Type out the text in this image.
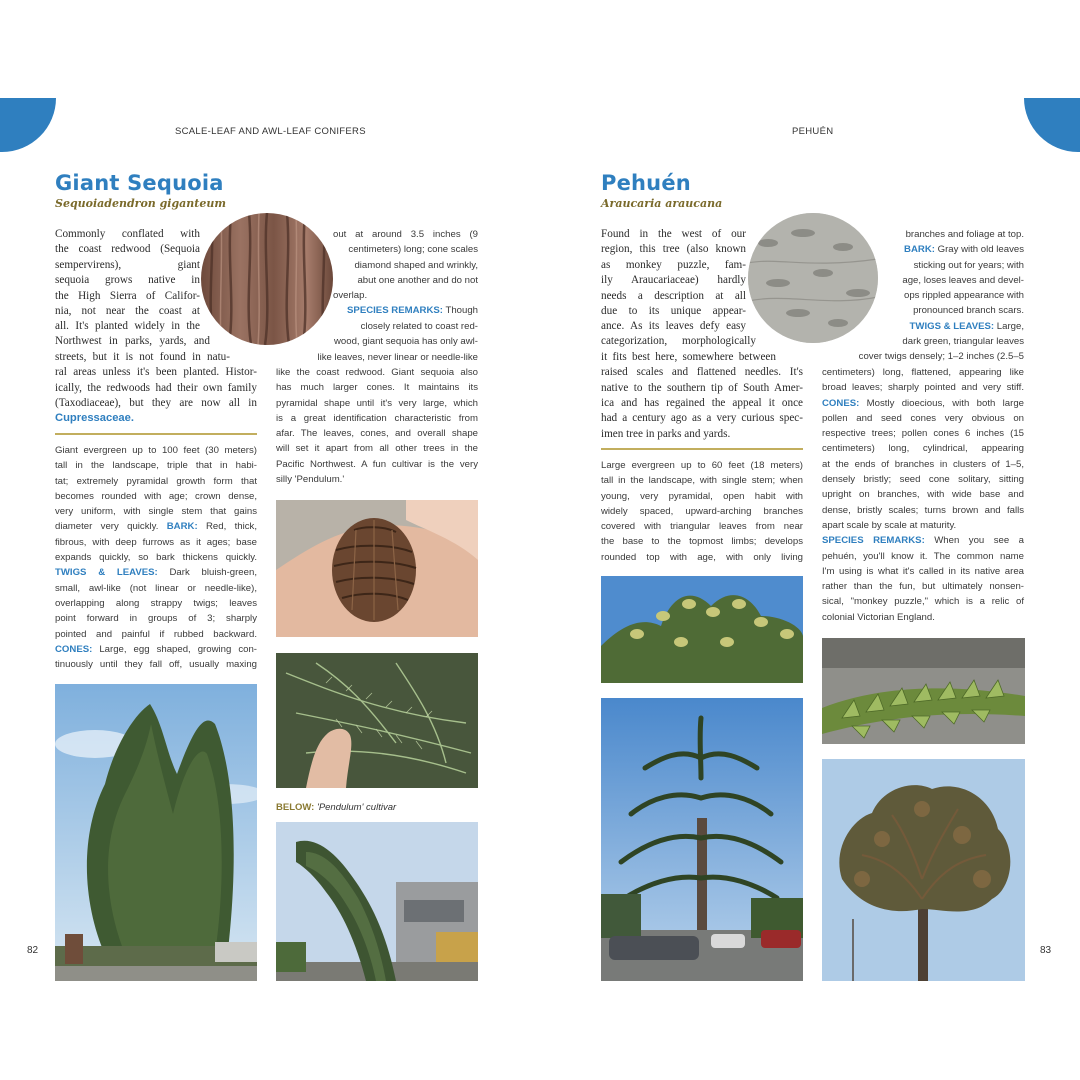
SCALE-LEAF AND AWL-LEAF CONIFERS	PEHUÉN
82	83
Giant Sequoia
Sequoiadendron giganteum

Commonly conflated with

the coast redwood (Sequoia

sempervirens), giant

sequoia grows native in

the High Sierra of Califor-

nia, not near the coast at

all. It's planted widely in the

Northwest in parks, yards, and

streets, but it is not found in natu-

ral areas unless it's been planted. Histor-

ically, the redwoods had their own family

(Taxodiaceae), but they are now all in

Cupressaceae.

Giant evergreen up to 100 feet (30 meters)

tall in the landscape, triple that in habi-

tat; extremely pyramidal growth form that

becomes rounded with age; crown dense,

very uniform, with single stem that gains

diameter very quickly. BARK: Red, thick,

fibrous, with deep furrows as it ages; base

expands quickly, so bark thickens quickly.

TWIGS & LEAVES: Dark bluish-green,

small, awl-like (not linear or needle-like),

overlapping along strappy twigs; leaves

point forward in groups of 3; sharply

pointed and painful if rubbed backward.

CONES: Large, egg shaped, growing con-

tinuously until they fall off, usually maxing

out at around 3.5 inches (9

centimeters) long; cone scales

diamond shaped and wrinkly,

abut one another and do not

overlap.

SPECIES REMARKS: Though

closely related to coast red-

wood, giant sequoia has only awl-

like leaves, never linear or needle-like

like the coast redwood. Giant sequoia also

has much larger cones. It maintains its

pyramidal shape until it's very large, which

is a great identification characteristic from

afar. The leaves, cones, and overall shape

will set it apart from all other trees in the

Pacific Northwest. A fun cultivar is the very

silly 'Pendulum.'

BELOW: 'Pendulum' cultivar
Pehuén
Araucaria araucana

Found in the west of our

region, this tree (also known

as monkey puzzle, fam-

ily Araucariaceae) hardly

needs a description at all

due to its unique appear-

ance. As its leaves defy easy

categorization, morphologically

it fits best here, somewhere between

raised scales and flattened needles. It's

native to the southern tip of South Amer-

ica and has regained the appeal it once

had a century ago as a very curious spec-

imen tree in parks and yards.

Large evergreen up to 60 feet (18 meters)

tall in the landscape, with single stem; when

young, very pyramidal, open habit with

widely spaced, upward-arching branches

covered with triangular leaves from near

the base to the topmost limbs; develops

rounded top with age, with only living

branches and foliage at top.

BARK: Gray with old leaves

sticking out for years; with

age, loses leaves and devel-

ops rippled appearance with

pronounced branch scars.

TWIGS & LEAVES: Large,

dark green, triangular leaves

cover twigs densely; 1–2 inches (2.5–5

centimeters) long, flattened, appearing like

broad leaves; sharply pointed and very stiff.

CONES: Mostly dioecious, with both large

pollen and seed cones very obvious on

respective trees; pollen cones 6 inches (15

centimeters) long, cylindrical, appearing

at the ends of branches in clusters of 1–5,

densely bristly; seed cone solitary, sitting

upright on branches, with wide base and

dense, bristly scales; turns brown and falls

apart scale by scale at maturity.

SPECIES REMARKS: When you see a

pehuén, you'll know it. The common name

I'm using is what it's called in its native area

rather than the fun, but ultimately nonsen-

sical, "monkey puzzle," which is a relic of

colonial Victorian England.
